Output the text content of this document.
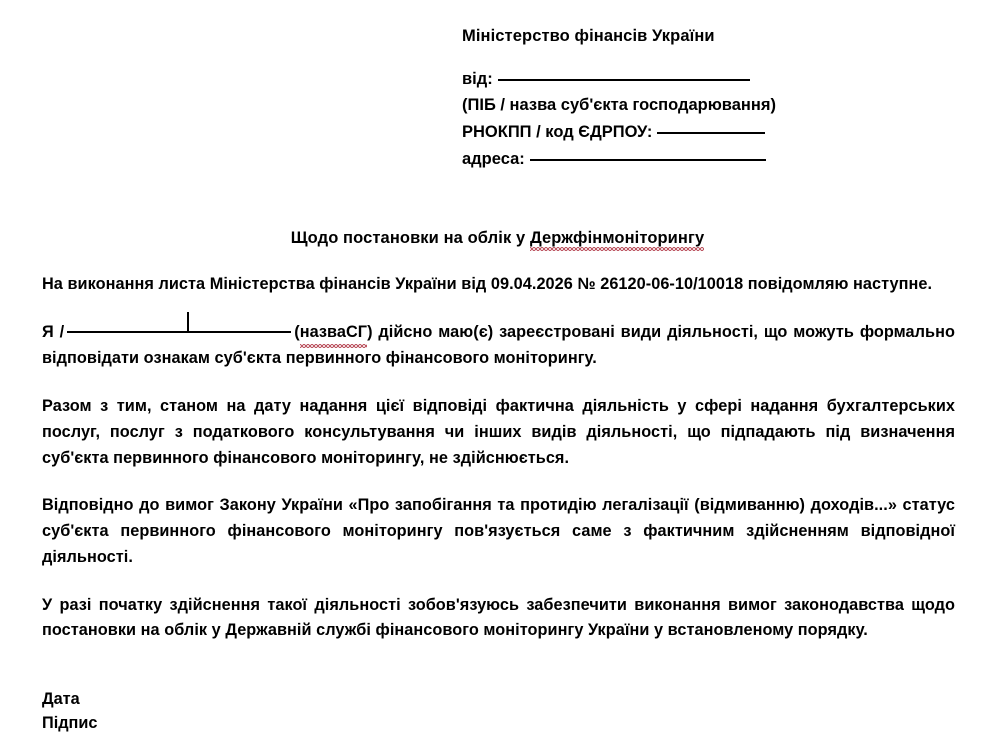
Міністерство фінансів України
від:
(ПІБ / назва суб'єкта господарювання)
РНОКПП / код ЄДРПОУ:
адреса:
Щодо постановки на облік у Держфінмоніторингу

На виконання листа Міністерства фінансів України від 09.04.2026 № 26120-06-10/10018 повідомляю наступне.

Я /	(назваСГ) дійсно маю(є) зареєстровані види діяльності, що можуть формально відповідати ознакам суб'єкта первинного фінансового моніторингу.

Разом з тим, станом на дату надання цієї відповіді фактична діяльність у сфері надання бухгалтерських послуг, послуг з податкового консультування чи інших видів діяльності, що підпадають під визначення суб'єкта первинного фінансового моніторингу, не здійснюється.

Відповідно до вимог Закону України «Про запобігання та протидію легалізації (відмиванню) доходів...» статус суб'єкта первинного фінансового моніторингу пов'язується саме з фактичним здійсненням відповідної діяльності.

У разі початку здійснення такої діяльності зобов'язуюсь забезпечити виконання вимог законодавства щодо постановки на облік у Державній службі фінансового моніторингу України у встановленому порядку.

Дата
Підпис
